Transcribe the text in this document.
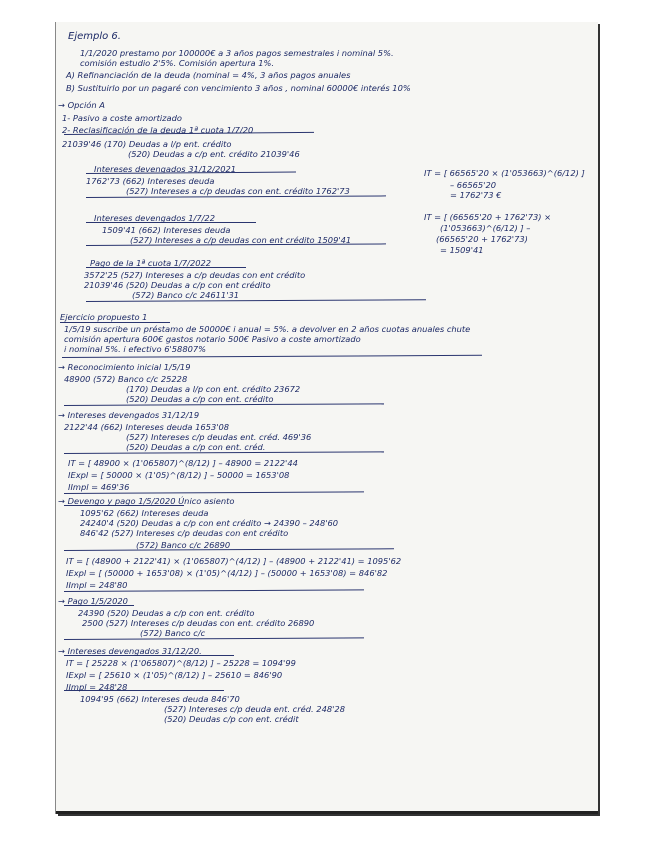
Ejemplo 6.
1/1/2020 prestamo por 100000€ a 3 años pagos semestrales i nominal 5%.
comisión estudio 2'5%. Comisión apertura 1%.
A) Refinanciación de la deuda (nominal = 4%, 3 años pagos anuales
B) Sustituirlo por un pagaré con vencimiento 3 años , nominal 60000€ interés 10%
→ Opción A
1- Pasivo a coste amortizado
2- Reclasificación de la deuda 1ª cuota 1/7/20
21039'46 (170) Deudas a l/p ent. crédito
(520) Deudas a c/p ent. crédito 21039'46
Intereses devengados 31/12/2021
1762'73 (662) Intereses deuda
(527) Intereses a c/p deudas con ent. crédito 1762'73
IT = [ 66565'20 × (1'053663)^(6/12) ]
– 66565'20
= 1762'73 €
Intereses devengados 1/7/22
1509'41 (662) Intereses deuda
(527) Intereses a c/p deudas con ent crédito 1509'41
IT = [ (66565'20 + 1762'73) ×
(1'053663)^(6/12) ] –
(66565'20 + 1762'73)
= 1509'41
Pago de la 1ª cuota 1/7/2022
3572'25 (527) Intereses a c/p deudas con ent crédito
21039'46 (520) Deudas a c/p con ent crédito
(572) Banco c/c 24611'31
Ejercicio propuesto 1
1/5/19 suscribe un préstamo de 50000€ i anual = 5%. a devolver en 2 años cuotas anuales chute
comisión apertura 600€ gastos notario 500€ Pasivo a coste amortizado
i nominal 5%. i efectivo 6'58807%
→ Reconocimiento inicial 1/5/19
48900 (572) Banco c/c 25228
(170) Deudas a l/p con ent. crédito 23672
(520) Deudas a c/p con ent. crédito
→ Intereses devengados 31/12/19
2122'44 (662) Intereses deuda 1653'08
(527) Intereses c/p deudas ent. créd. 469'36
(520) Deudas a c/p con ent. créd.
IT = [ 48900 × (1'065807)^(8/12) ] – 48900 = 2122'44
IExpl = [ 50000 × (1'05)^(8/12) ] – 50000 = 1653'08
IImpl = 469'36
→ Devengo y pago 1/5/2020 Único asiento
1095'62 (662) Intereses deuda
24240'4 (520) Deudas a c/p con ent crédito → 24390 – 248'60
846'42 (527) Intereses c/p deudas con ent crédito
(572) Banco c/c 26890
IT = [ (48900 + 2122'41) × (1'065807)^(4/12) ] – (48900 + 2122'41) = 1095'62
IExpl = [ (50000 + 1653'08) × (1'05)^(4/12) ] – (50000 + 1653'08) = 846'82
IImpl = 248'80
→ Pago 1/5/2020
24390 (520) Deudas a c/p con ent. crédito
2500 (527) Intereses c/p deudas con ent. crédito 26890
(572) Banco c/c
→ Intereses devengados 31/12/20.
IT = [ 25228 × (1'065807)^(8/12) ] – 25228 = 1094'99
IExpl = [ 25610 × (1'05)^(8/12) ] – 25610 = 846'90
IImpl = 248'28
1094'95 (662) Intereses deuda 846'70
(527) Intereses c/p deuda ent. créd. 248'28
(520) Deudas c/p con ent. crédit
